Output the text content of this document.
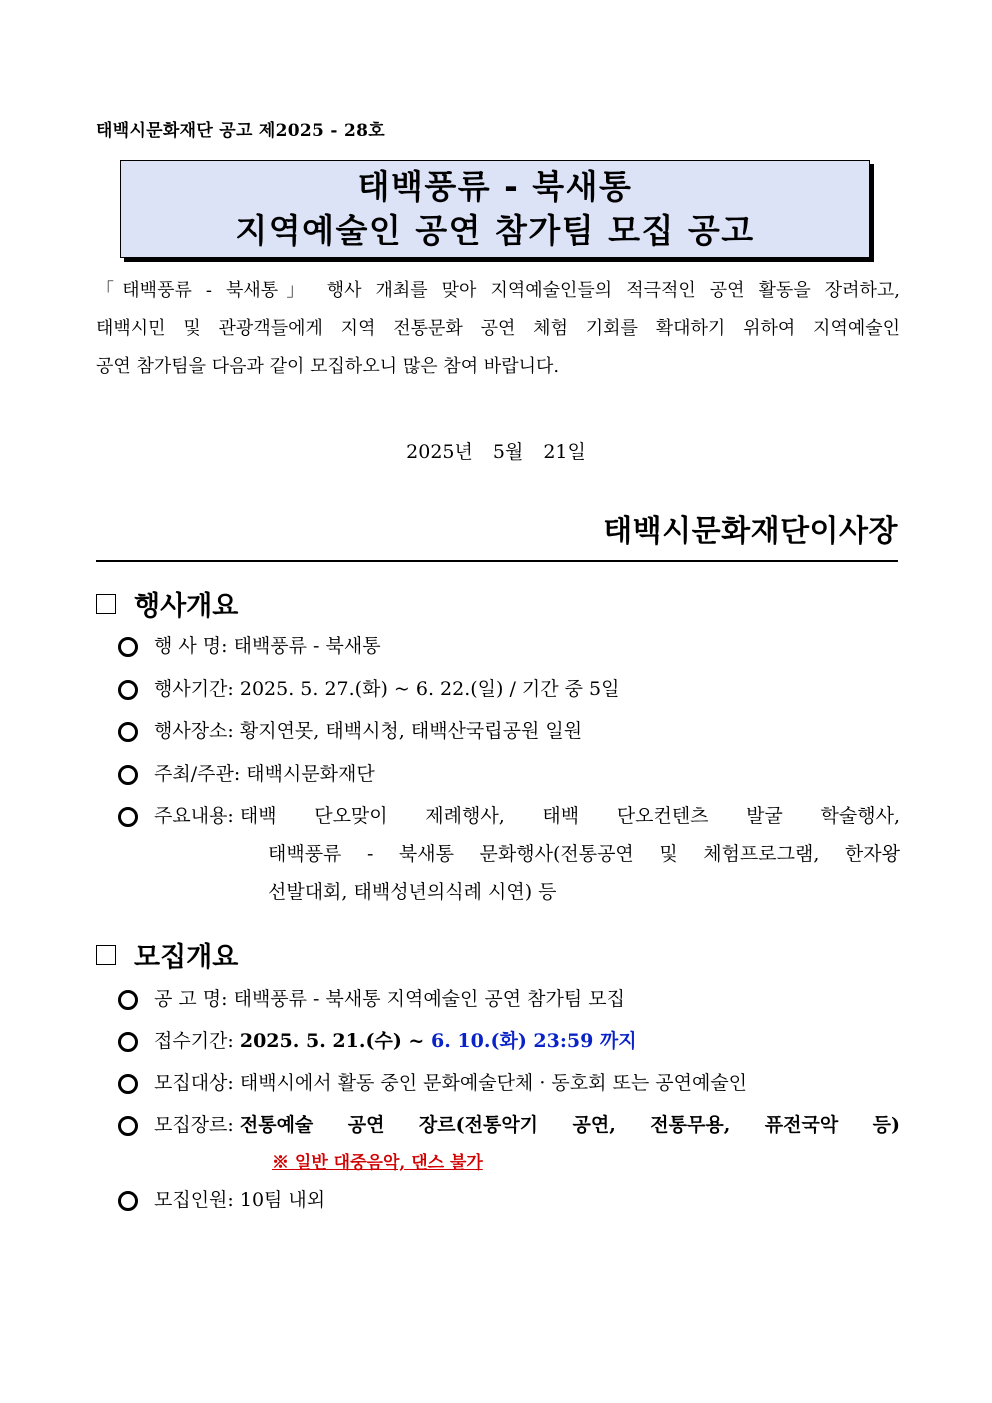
태백시문화재단 공고 제2025 - 28호
태백풍류 - 북새통
지역예술인 공연 참가팀 모집 공고
「태백풍류 - 북새통」 행사 개최를 맞아 지역예술인들의 적극적인 공연 활동을 장려하고,
태백시민 및 관광객들에게 지역 전통문화 공연 체험 기회를 확대하기 위하여 지역예술인
공연 참가팀을 다음과 같이 모집하오니 많은 참여 바랍니다.
2025년 5월 21일
태백시문화재단이사장
행사개요
행 사 명: 태백풍류 - 북새통
행사기간: 2025. 5. 27.(화) ~ 6. 22.(일) / 기간 중 5일
행사장소: 황지연못, 태백시청, 태백산국립공원 일원
주최/주관: 태백시문화재단
주요내용: 태백 단오맞이 제례행사, 태백 단오컨텐츠 발굴 학술행사,
태백풍류 - 북새통 문화행사(전통공연 및 체험프로그램, 한자왕
선발대회, 태백성년의식례 시연) 등
모집개요
공 고 명: 태백풍류 - 북새통 지역예술인 공연 참가팀 모집
접수기간: 2025. 5. 21.(수) ~ 6. 10.(화) 23:59 까지
모집대상: 태백시에서 활동 중인 문화예술단체 · 동호회 또는 공연예술인
모집장르: 전통예술 공연 장르(전통악기 공연, 전통무용, 퓨전국악 등)
※ 일반 대중음악, 댄스 불가
모집인원: 10팀 내외
